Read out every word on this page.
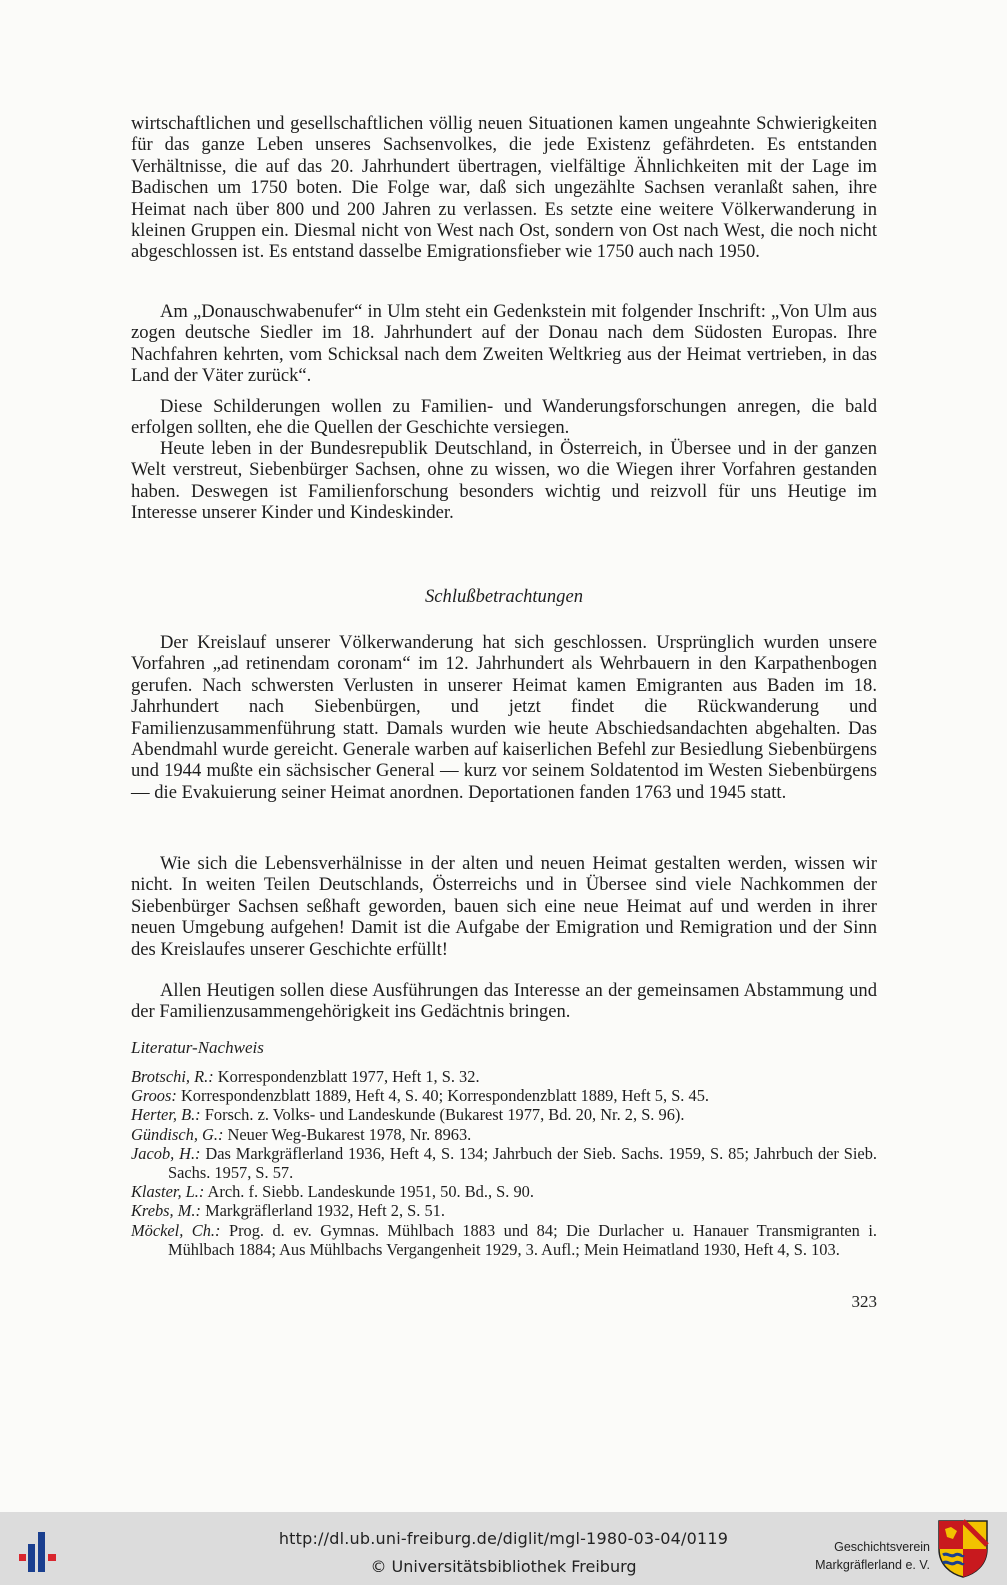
wirtschaftlichen und gesellschaftlichen völlig neuen Situationen kamen ungeahnte Schwierigkeiten für das ganze Leben unseres Sachsenvolkes, die jede Existenz gefährdeten. Es entstanden Verhältnisse, die auf das 20. Jahrhundert übertragen, vielfältige Ähnlichkeiten mit der Lage im Badischen um 1750 boten. Die Folge war, daß sich ungezählte Sachsen veranlaßt sahen, ihre Heimat nach über 800 und 200 Jahren zu verlassen. Es setzte eine weitere Völkerwanderung in kleinen Gruppen ein. Diesmal nicht von West nach Ost, sondern von Ost nach West, die noch nicht abgeschlossen ist. Es entstand dasselbe Emigrationsfieber wie 1750 auch nach 1950.

Am „Donauschwabenufer“ in Ulm steht ein Gedenkstein mit folgender Inschrift: „Von Ulm aus zogen deutsche Siedler im 18. Jahrhundert auf der Donau nach dem Südosten Europas. Ihre Nachfahren kehrten, vom Schicksal nach dem Zweiten Weltkrieg aus der Heimat vertrieben, in das Land der Väter zurück“.

Diese Schilderungen wollen zu Familien- und Wanderungsforschungen anregen, die bald erfolgen sollten, ehe die Quellen der Geschichte versiegen.

Heute leben in der Bundesrepublik Deutschland, in Österreich, in Übersee und in der ganzen Welt verstreut, Siebenbürger Sachsen, ohne zu wissen, wo die Wiegen ihrer Vorfahren gestanden haben. Deswegen ist Familienforschung besonders wichtig und reizvoll für uns Heutige im Interesse unserer Kinder und Kindeskinder.

Schlußbetrachtungen

Der Kreislauf unserer Völkerwanderung hat sich geschlossen. Ursprünglich wurden unsere Vorfahren „ad retinendam coronam“ im 12. Jahrhundert als Wehrbauern in den Karpathenbogen gerufen. Nach schwersten Verlusten in unserer Heimat kamen Emigranten aus Baden im 18. Jahrhundert nach Siebenbürgen, und jetzt findet die Rückwanderung und Familienzusammenführung statt. Damals wurden wie heute Abschiedsandachten abgehalten. Das Abendmahl wurde gereicht. Generale warben auf kaiserlichen Befehl zur Besiedlung Siebenbürgens und 1944 mußte ein sächsischer General — kurz vor seinem Soldatentod im Westen Siebenbürgens — die Evakuierung seiner Heimat anordnen. Deportationen fanden 1763 und 1945 statt.

Wie sich die Lebensverhälnisse in der alten und neuen Heimat gestalten werden, wissen wir nicht. In weiten Teilen Deutschlands, Österreichs und in Übersee sind viele Nachkommen der Siebenbürger Sachsen seßhaft geworden, bauen sich eine neue Heimat auf und werden in ihrer neuen Umgebung aufgehen! Damit ist die Aufgabe der Emigration und Remigration und der Sinn des Kreislaufes unserer Geschichte erfüllt!

Allen Heutigen sollen diese Ausführungen das Interesse an der gemeinsamen Abstammung und der Familienzusammengehörigkeit ins Gedächtnis bringen.

Literatur-Nachweis
Brotschi, R.: Korrespondenzblatt 1977, Heft 1, S. 32.
Groos: Korrespondenzblatt 1889, Heft 4, S. 40; Korrespondenzblatt 1889, Heft 5, S. 45.
Herter, B.: Forsch. z. Volks- und Landeskunde (Bukarest 1977, Bd. 20, Nr. 2, S. 96).
Gündisch, G.: Neuer Weg-Bukarest 1978, Nr. 8963.
Jacob, H.: Das Markgräflerland 1936, Heft 4, S. 134; Jahrbuch der Sieb. Sachs. 1959, S. 85; Jahrbuch der Sieb. Sachs. 1957, S. 57.
Klaster, L.: Arch. f. Siebb. Landeskunde 1951, 50. Bd., S. 90.
Krebs, M.: Markgräflerland 1932, Heft 2, S. 51.
Möckel, Ch.: Prog. d. ev. Gymnas. Mühlbach 1883 und 84; Die Durlacher u. Hanauer Transmigranten i. Mühlbach 1884; Aus Mühlbachs Vergangenheit 1929, 3. Aufl.; Mein Heimatland 1930, Heft 4, S. 103.
323
http://dl.ub.uni-freiburg.de/diglit/mgl-1980-03-04/0119
© Universitätsbibliothek Freiburg
Geschichtsverein
Markgräflerland e. V.
